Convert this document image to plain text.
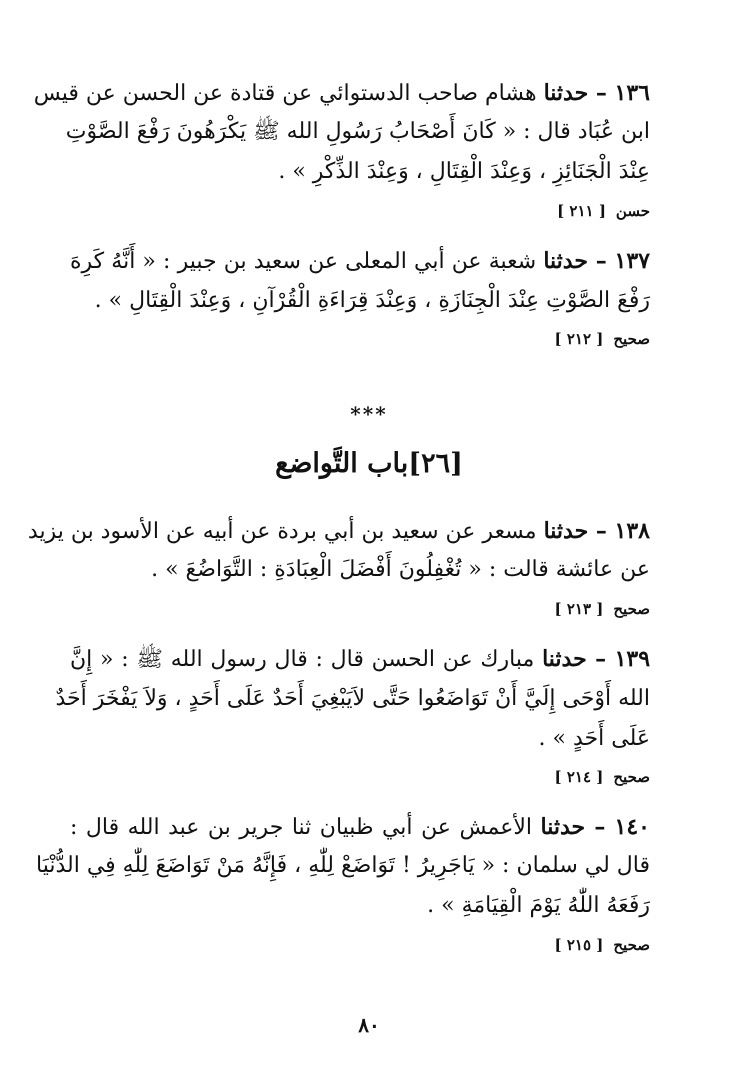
١٣٦ – حدثنا هشام صاحب الدستوائي عن قتادة عن الحسن عن قيس
ابن عُبَاد قال : « كَانَ أَصْحَابُ رَسُولِ الله ﷺ يَكْرَهُونَ رَفْعَ الصَّوْتِ
عِنْدَ الْجَنَائِزِ ، وَعِنْدَ الْقِتَالِ ، وَعِنْدَ الذِّكْرِ » .
حسن[ ٢١١ ]
١٣٧ – حدثنا شعبة عن أبي المعلى عن سعيد بن جبير : « أَنَّهُ كَرِهَ
رَفْعَ الصَّوْتِ عِنْدَ الْجِنَازَةِ ، وَعِنْدَ قِرَاءَةِ الْقُرْآنِ ، وَعِنْدَ الْقِتَالِ » .
صحيح[ ٢١٢ ]
***
[٢٦]باب التَّواضع
١٣٨ – حدثنا مسعر عن سعيد بن أبي بردة عن أبيه عن الأسود بن يزيد
عن عائشة قالت : « تُغْفِلُونَ أَفْضَلَ الْعِبَادَةِ : التَّوَاضُعَ » .
صحيح[ ٢١٣ ]
١٣٩ – حدثنا مبارك عن الحسن قال : قال رسول الله ﷺ : « إِنَّ
الله أَوْحَى إِلَيَّ أَنْ تَوَاضَعُوا حَتَّى لاَيَبْغِيَ أَحَدٌ عَلَى أَحَدٍ ، وَلاَ يَفْخَرَ أَحَدٌ
عَلَى أَحَدٍ » .
صحيح[ ٢١٤ ]
١٤٠ – حدثنا الأعمش عن أبي ظبيان ثنا جرير بن عبد الله قال :
قال لي سلمان : « يَاجَرِيرُ ! تَوَاضَعْ لِلّٰهِ ، فَإِنَّهُ مَنْ تَوَاضَعَ لِلّٰهِ فِي الدُّنْيَا
رَفَعَهُ اللّٰهُ يَوْمَ الْقِيَامَةِ » .
صحيح[ ٢١٥ ]
٨٠
